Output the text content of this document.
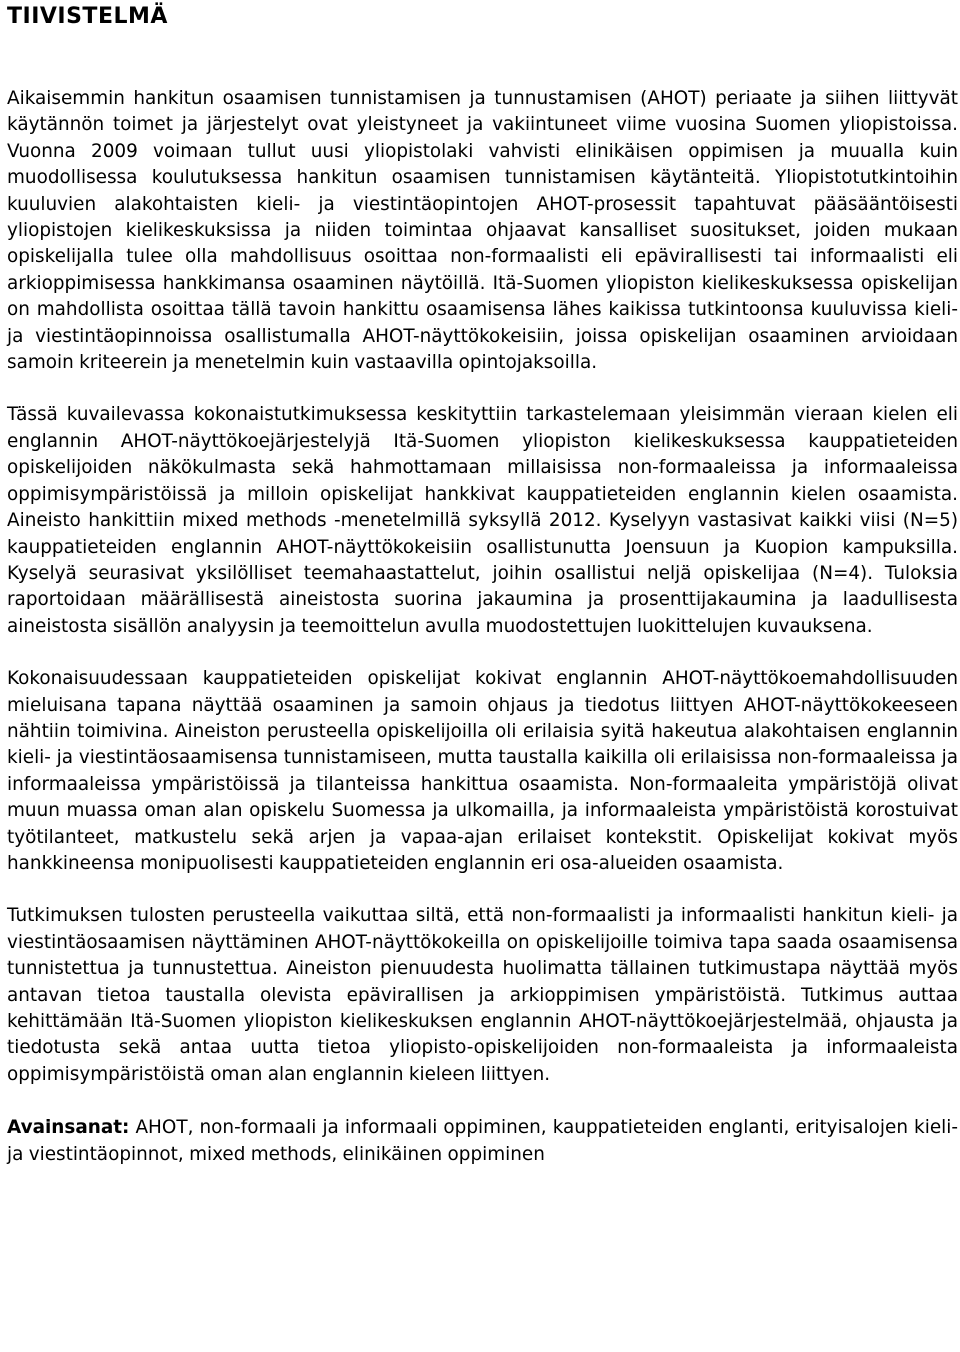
TIIVISTELMÄ

Aikaisemmin hankitun osaamisen tunnistamisen ja tunnustamisen (AHOT) periaate ja siihen liittyvät käytännön toimet ja järjestelyt ovat yleistyneet ja vakiintuneet viime vuosina Suomen yliopistoissa. Vuonna 2009 voimaan tullut uusi yliopistolaki vahvisti elinikäisen oppimisen ja muualla kuin muodollisessa koulutuksessa hankitun osaamisen tunnistamisen käytänteitä. Yliopistotutkintoihin kuuluvien alakohtaisten kieli- ja viestintäopintojen AHOT-prosessit tapahtuvat pääsääntöisesti yliopistojen kielikeskuksissa ja niiden toimintaa ohjaavat kansalliset suositukset, joiden mukaan opiskelijalla tulee olla mahdollisuus osoittaa non-formaalisti eli epävirallisesti tai informaalisti eli arkioppimisessa hankkimansa osaaminen näytöillä. Itä-Suomen yliopiston kielikeskuksessa opiskelijan on mahdollista osoittaa tällä tavoin hankittu osaamisensa lähes kaikissa tutkintoonsa kuuluvissa kieli- ja viestintäopinnoissa osallistumalla AHOT-näyttökokeisiin, joissa opiskelijan osaaminen arvioidaan samoin kriteerein ja menetelmin kuin vastaavilla opintojaksoilla.

Tässä kuvailevassa kokonaistutkimuksessa keskityttiin tarkastelemaan yleisimmän vieraan kielen eli englannin AHOT-näyttökoejärjestelyjä Itä-Suomen yliopiston kielikeskuksessa kauppatieteiden opiskelijoiden näkökulmasta sekä hahmottamaan millaisissa non-formaaleissa ja informaaleissa oppimisympäristöissä ja milloin opiskelijat hankkivat kauppatieteiden englannin kielen osaamista. Aineisto hankittiin mixed methods -menetelmillä syksyllä 2012. Kyselyyn vastasivat kaikki viisi (N=5) kauppatieteiden englannin AHOT-näyttökokeisiin osallistunutta Joensuun ja Kuopion kampuksilla. Kyselyä seurasivat yksilölliset teemahaastattelut, joihin osallistui neljä opiskelijaa (N=4). Tuloksia raportoidaan määrällisestä aineistosta suorina jakaumina ja prosenttijakaumina ja laadullisesta aineistosta sisällön analyysin ja teemoittelun avulla muodostettujen luokittelujen kuvauksena.

Kokonaisuudessaan kauppatieteiden opiskelijat kokivat englannin AHOT-näyttökoemahdollisuuden mieluisana tapana näyttää osaaminen ja samoin ohjaus ja tiedotus liittyen AHOT-näyttökokeeseen nähtiin toimivina. Aineiston perusteella opiskelijoilla oli erilaisia syitä hakeutua alakohtaisen englannin kieli- ja viestintäosaamisensa tunnistamiseen, mutta taustalla kaikilla oli erilaisissa non-formaaleissa ja informaaleissa ympäristöissä ja tilanteissa hankittua osaamista. Non-formaaleita ympäristöjä olivat muun muassa oman alan opiskelu Suomessa ja ulkomailla, ja informaaleista ympäristöistä korostuivat työtilanteet, matkustelu sekä arjen ja vapaa-ajan erilaiset kontekstit. Opiskelijat kokivat myös hankkineensa monipuolisesti kauppatieteiden englannin eri osa-alueiden osaamista.

Tutkimuksen tulosten perusteella vaikuttaa siltä, että non-formaalisti ja informaalisti hankitun kieli- ja viestintäosaamisen näyttäminen AHOT-näyttökokeilla on opiskelijoille toimiva tapa saada osaamisensa tunnistettua ja tunnustettua. Aineiston pienuudesta huolimatta tällainen tutkimustapa näyttää myös antavan tietoa taustalla olevista epävirallisen ja arkioppimisen ympäristöistä. Tutkimus auttaa kehittämään Itä-Suomen yliopiston kielikeskuksen englannin AHOT-näyttökoejärjestelmää, ohjausta ja tiedotusta sekä antaa uutta tietoa yliopisto-opiskelijoiden non-formaaleista ja informaaleista oppimisympäristöistä oman alan englannin kieleen liittyen.

Avainsanat: AHOT, non-formaali ja informaali oppiminen, kauppatieteiden englanti, erityisalojen kieli- ja viestintäopinnot, mixed methods, elinikäinen oppiminen
